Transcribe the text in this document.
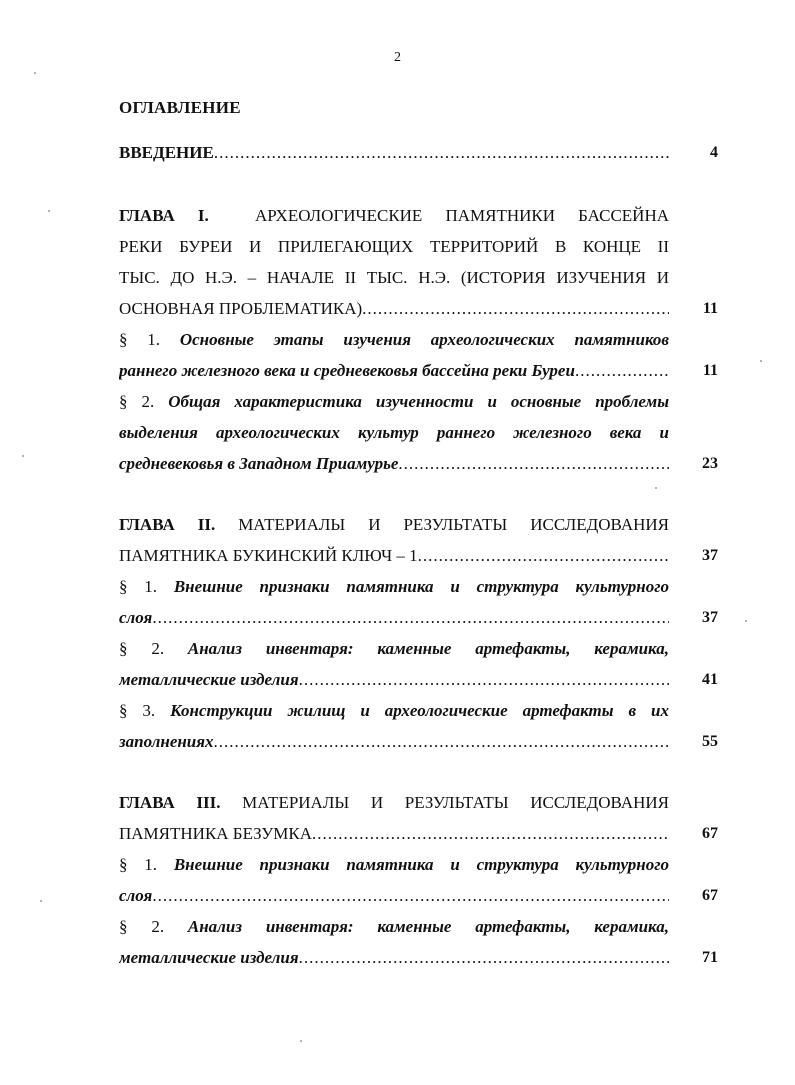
2
ОГЛАВЛЕНИЕ
ВВЕДЕНИЕ .....	4
ГЛАВА I.	АРХЕОЛОГИЧЕСКИЕ ПАМЯТНИКИ БАССЕЙНА
РЕКИ БУРЕИ И ПРИЛЕГАЮЩИХ ТЕРРИТОРИЙ В КОНЦЕ II
ТЫС. ДО Н.Э. – НАЧАЛЕ II ТЫС. Н.Э. (ИСТОРИЯ ИЗУЧЕНИЯ И
ОСНОВНАЯ ПРОБЛЕМАТИКА) .....	11
§ 1. Основные этапы изучения археологических памятников
раннего железного века и средневековья бассейна реки Буреи .....	11
§ 2. Общая характеристика изученности и основные проблемы
выделения археологических культур раннего железного века и
средневековья в Западном Приамурье .....	23
ГЛАВА II. МАТЕРИАЛЫ И РЕЗУЛЬТАТЫ ИССЛЕДОВАНИЯ
ПАМЯТНИКА БУКИНСКИЙ КЛЮЧ – 1 .....	37
§ 1. Внешние признаки памятника и структура культурного
слоя .....	37
§ 2. Анализ инвентаря: каменные артефакты, керамика,
металлические изделия .....	41
§ 3. Конструкции жилищ и археологические артефакты в их
заполнениях .....	55
ГЛАВА III. МАТЕРИАЛЫ И РЕЗУЛЬТАТЫ ИССЛЕДОВАНИЯ
ПАМЯТНИКА БЕЗУМКА .....	67
§ 1. Внешние признаки памятника и структура культурного
слоя .....	67
§ 2. Анализ инвентаря: каменные артефакты, керамика,
металлические изделия .....	71
